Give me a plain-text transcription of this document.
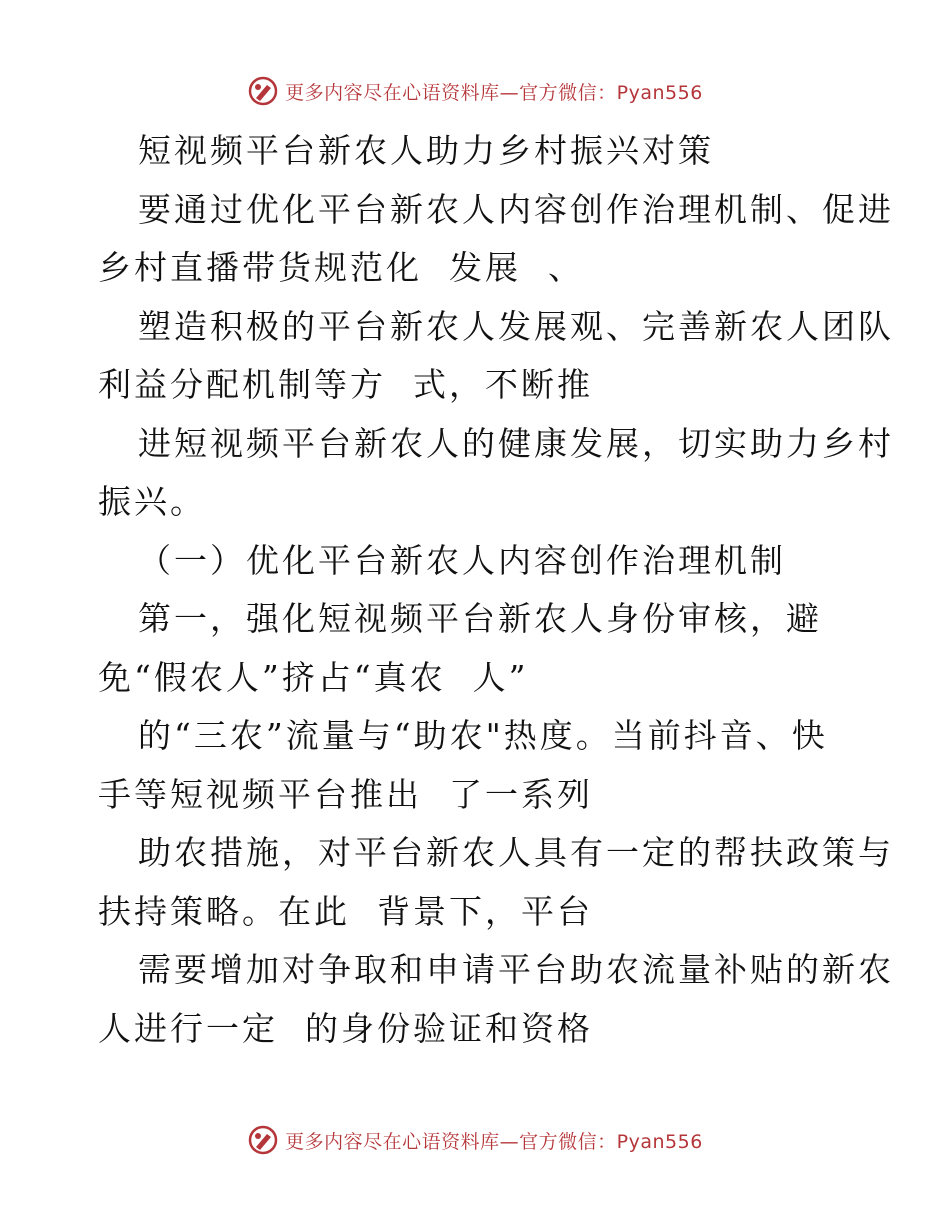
更多内容尽在心语资料库—官方微信：Pyan556
短视频平台新农人助力乡村振兴对策
要通过优化平台新农人内容创作治理机制、促进
乡村直播带货规范化  发展  、
塑造积极的平台新农人发展观、完善新农人团队
利益分配机制等方  式，不断推
进短视频平台新农人的健康发展，切实助力乡村
振兴。
（一）优化平台新农人内容创作治理机制
第一，强化短视频平台新农人身份审核，避
免“假农人”挤占“真农  人”
的“三农”流量与“助农"热度。当前抖音、快
手等短视频平台推出  了一系列
助农措施，对平台新农人具有一定的帮扶政策与
扶持策略。在此  背景下，平台
需要增加对争取和申请平台助农流量补贴的新农
人进行一定  的身份验证和资格
更多内容尽在心语资料库—官方微信：Pyan556
